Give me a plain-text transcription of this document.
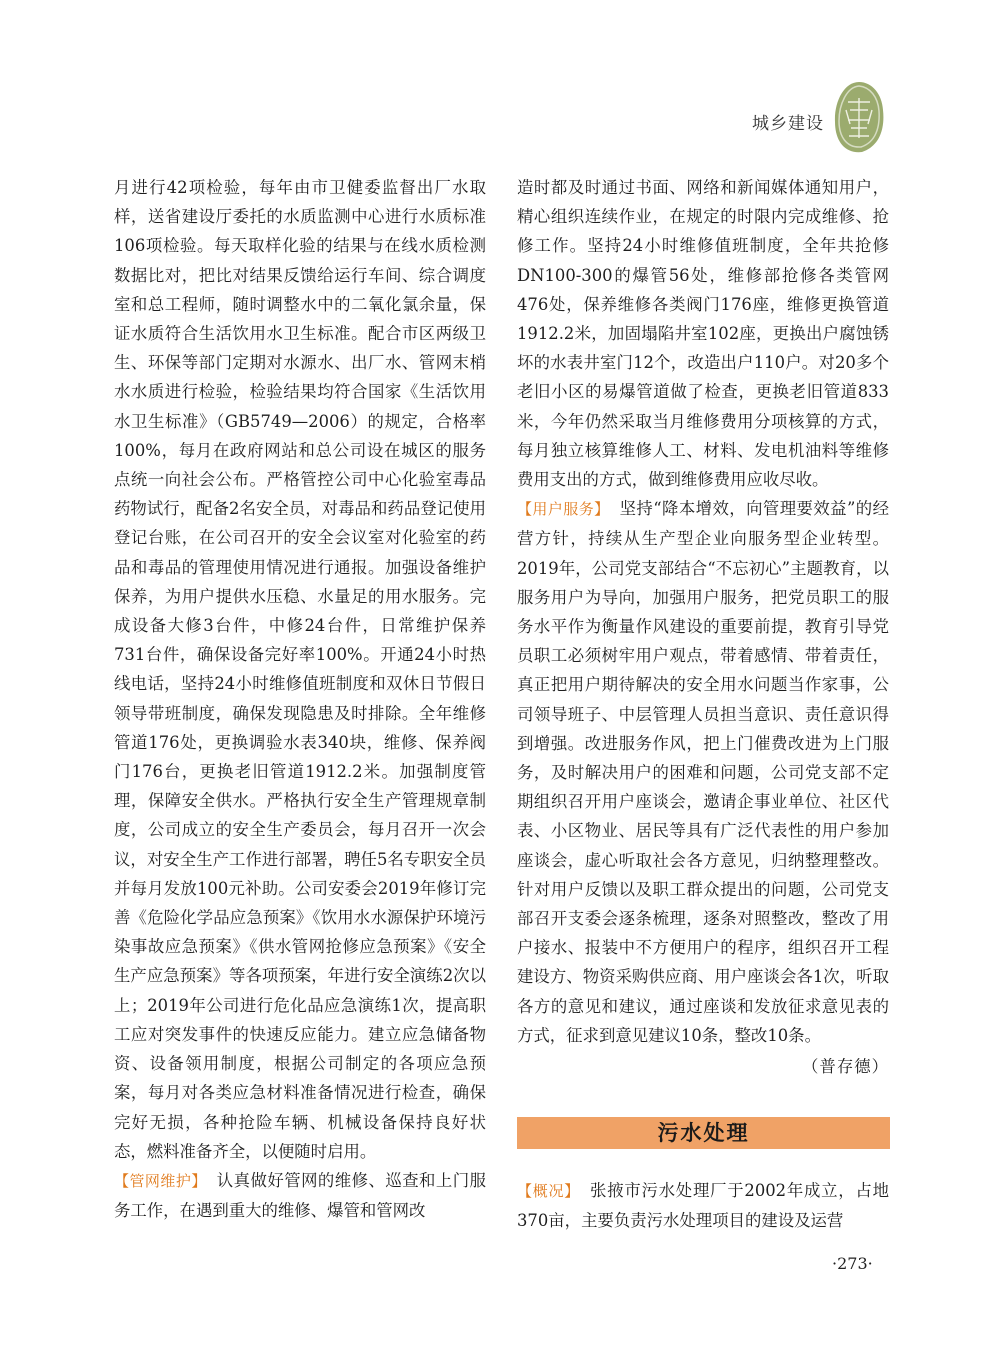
城乡建设

月进行42项检验，每年由市卫健委监督出厂水取样，送省建设厅委托的水质监测中心进行水质标准106项检验。每天取样化验的结果与在线水质检测数据比对，把比对结果反馈给运行车间、综合调度室和总工程师，随时调整水中的二氧化氯余量，保证水质符合生活饮用水卫生标准。配合市区两级卫生、环保等部门定期对水源水、出厂水、管网末梢水水质进行检验，检验结果均符合国家《生活饮用水卫生标准》（GB5749—2006）的规定，合格率100%，每月在政府网站和总公司设在城区的服务点统一向社会公布。严格管控公司中心化验室毒品药物试行，配备2名安全员，对毒品和药品登记使用登记台账，在公司召开的安全会议室对化验室的药品和毒品的管理使用情况进行通报。加强设备维护保养，为用户提供水压稳、水量足的用水服务。完成设备大修3台件，中修24台件，日常维护保养731台件，确保设备完好率100%。开通24小时热线电话，坚持24小时维修值班制度和双休日节假日领导带班制度，确保发现隐患及时排除。全年维修管道176处，更换调验水表340块，维修、保养阀门176台，更换老旧管道1912.2米。加强制度管理，保障安全供水。严格执行安全生产管理规章制度，公司成立的安全生产委员会，每月召开一次会议，对安全生产工作进行部署，聘任5名专职安全员并每月发放100元补助。公司安委会2019年修订完善《危险化学品应急预案》《饮用水水源保护环境污染事故应急预案》《供水管网抢修应急预案》《安全生产应急预案》等各项预案，年进行安全演练2次以上；2019年公司进行危化品应急演练1次，提高职工应对突发事件的快速反应能力。建立应急储备物资、设备领用制度，根据公司制定的各项应急预案，每月对各类应急材料准备情况进行检查，确保完好无损，各种抢险车辆、机械设备保持良好状态，燃料准备齐全，以便随时启用。

【管网维护】 认真做好管网的维修、巡查和上门服务工作，在遇到重大的维修、爆管和管网改

造时都及时通过书面、网络和新闻媒体通知用户，精心组织连续作业，在规定的时限内完成维修、抢修工作。坚持24小时维修值班制度，全年共抢修DN100-300的爆管56处，维修部抢修各类管网476处，保养维修各类阀门176座，维修更换管道1912.2米，加固塌陷井室102座，更换出户腐蚀锈坏的水表井室门12个，改造出户110户。对20多个老旧小区的易爆管道做了检查，更换老旧管道833米，今年仍然采取当月维修费用分项核算的方式，每月独立核算维修人工、材料、发电机油料等维修费用支出的方式，做到维修费用应收尽收。

【用户服务】 坚持“降本增效，向管理要效益”的经营方针，持续从生产型企业向服务型企业转型。2019年，公司党支部结合“不忘初心”主题教育，以服务用户为导向，加强用户服务，把党员职工的服务水平作为衡量作风建设的重要前提，教育引导党员职工必须树牢用户观点，带着感情、带着责任，真正把用户期待解决的安全用水问题当作家事，公司领导班子、中层管理人员担当意识、责任意识得到增强。改进服务作风，把上门催费改进为上门服务，及时解决用户的困难和问题，公司党支部不定期组织召开用户座谈会，邀请企事业单位、社区代表、小区物业、居民等具有广泛代表性的用户参加座谈会，虚心听取社会各方意见，归纳整理整改。针对用户反馈以及职工群众提出的问题，公司党支部召开支委会逐条梳理，逐条对照整改，整改了用户接水、报装中不方便用户的程序，组织召开工程建设方、物资采购供应商、用户座谈会各1次，听取各方的意见和建议，通过座谈和发放征求意见表的方式，征求到意见建议10条，整改10条。

（普存德）
污水处理

【概况】 张掖市污水处理厂于2002年成立，占地370亩，主要负责污水处理项目的建设及运营

·273·
